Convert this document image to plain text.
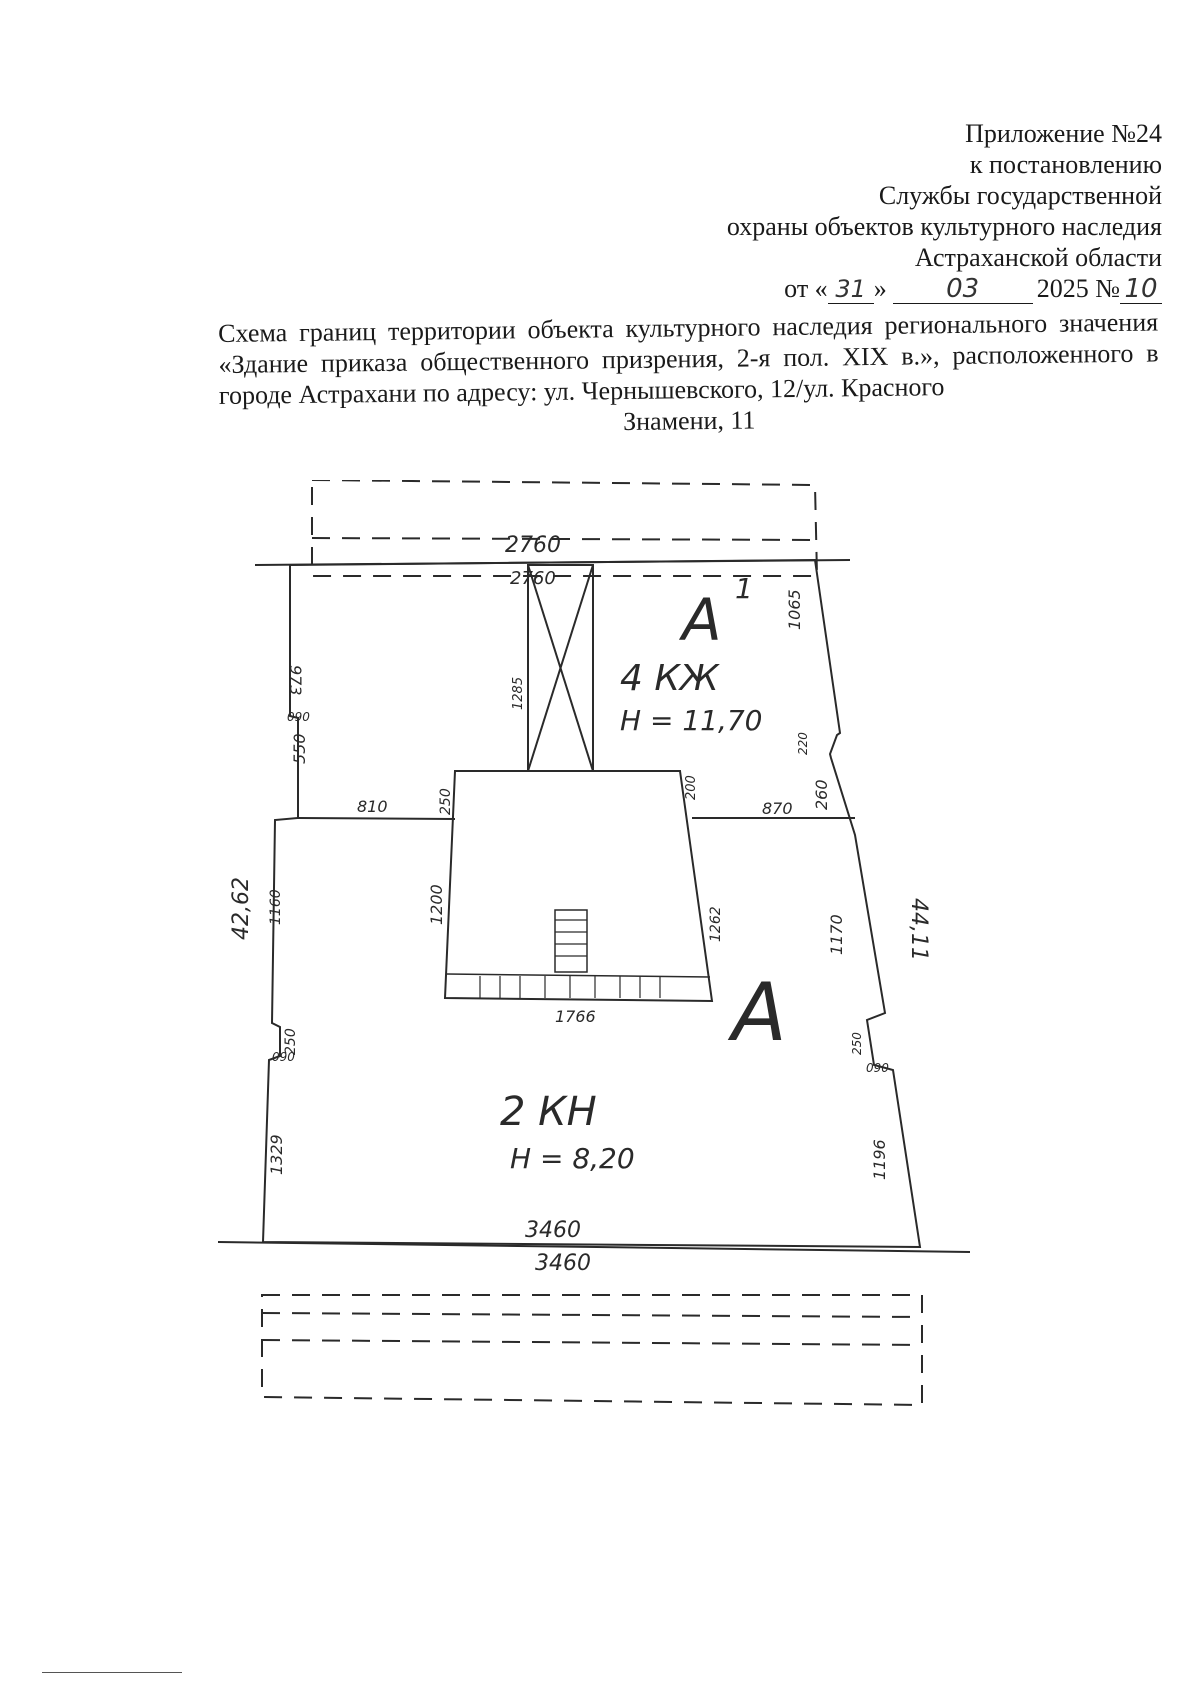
Приложение №24
к постановлению
Службы государственной
охраны объектов культурного наследия
Астраханской области
от « 31 »	03	2025 № 10
Схема границ территории объекта культурного наследия регионального значения «Здание приказа общественного призрения, 2-я пол. XIX в.», расположенного в городе Астрахани по адресу: ул. Чернышевского, 12/ул. Красного
Знамени, 11
А 1
А
4 КЖ
Н = 11,70
2 КН
Н = 8,20
2760
2760
3460
3460
810	870
1766
42,62	44,11
973
090
550
1160
250
090
1329
1065
220
260
1170
250
090
1196
1285
250
200
1200	1262
